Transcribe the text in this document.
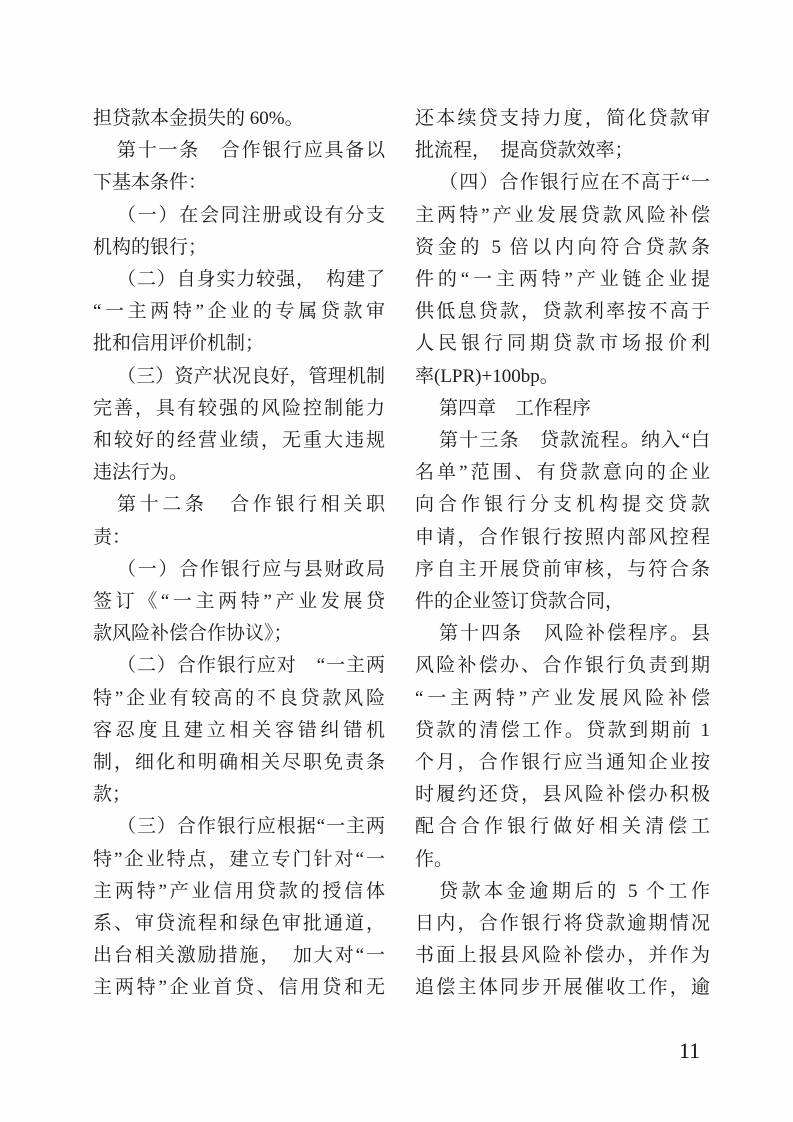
担贷款本金损失的 60%。
第十一条　合作银行应具备以
下基本条件：
（一）在会同注册或设有分支
机构的银行；
（二）自身实力较强，　构建了
“一主两特”企业的专属贷款审
批和信用评价机制；
（三）资产状况良好，管理机制
完善，具有较强的风险控制能力
和较好的经营业绩，无重大违规
违法行为。
第十二条　合作银行相关职
责：
（一）合作银行应与县财政局
签订《“一主两特”产业发展贷
款风险补偿合作协议》；
（二）合作银行应对　“一主两
特”企业有较高的不良贷款风险
容忍度且建立相关容错纠错机
制，细化和明确相关尽职免责条
款；
（三）合作银行应根据“一主两
特”企业特点，建立专门针对“一
主两特”产业信用贷款的授信体
系、审贷流程和绿色审批通道，
出台相关激励措施，　加大对“一
主两特”企业首贷、信用贷和无
还本续贷支持力度，简化贷款审
批流程，　提高贷款效率；
（四）合作银行应在不高于“一
主两特”产业发展贷款风险补偿
资金的 5 倍以内向符合贷款条
件的“一主两特”产业链企业提
供低息贷款，贷款利率按不高于
人民银行同期贷款市场报价利
率(LPR)+100bp。
第四章　工作程序
第十三条　贷款流程。纳入“白
名单”范围、有贷款意向的企业
向合作银行分支机构提交贷款
申请，合作银行按照内部风控程
序自主开展贷前审核，与符合条
件的企业签订贷款合同，
第十四条　风险补偿程序。县
风险补偿办、合作银行负责到期
“一主两特”产业发展风险补偿
贷款的清偿工作。贷款到期前 1
个月，合作银行应当通知企业按
时履约还贷，县风险补偿办积极
配合合作银行做好相关清偿工
作。
贷款本金逾期后的 5 个工作
日内，合作银行将贷款逾期情况
书面上报县风险补偿办，并作为
追偿主体同步开展催收工作，逾
11
